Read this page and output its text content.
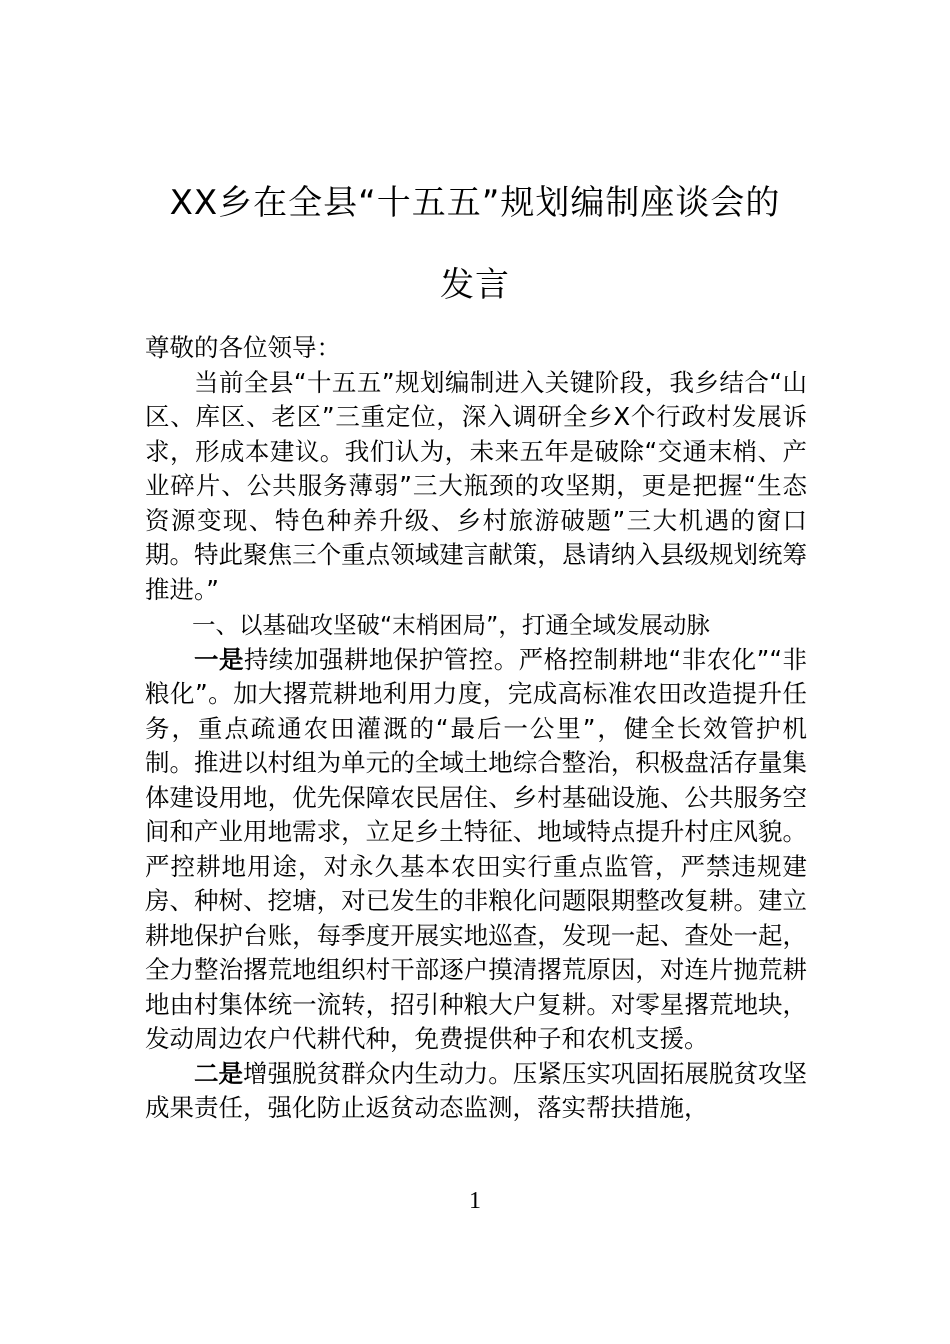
XX乡在全县“十五五”规划编制座谈会的
发言

尊敬的各位领导：

当前全县“十五五”规划编制进入关键阶段，我乡结合“山区、库区、老区”三重定位，深入调研全乡X个行政村发展诉求，形成本建议。我们认为，未来五年是破除“交通末梢、产业碎片、公共服务薄弱”三大瓶颈的攻坚期，更是把握“生态资源变现、特色种养升级、乡村旅游破题”三大机遇的窗口期。特此聚焦三个重点领域建言献策，恳请纳入县级规划统筹推进。”

一、以基础攻坚破“末梢困局”，打通全域发展动脉

一是持续加强耕地保护管控。严格控制耕地“非农化”“非粮化”。加大撂荒耕地利用力度，完成高标准农田改造提升任务，重点疏通农田灌溉的“最后一公里”，健全长效管护机制。推进以村组为单元的全域土地综合整治，积极盘活存量集体建设用地，优先保障农民居住、乡村基础设施、公共服务空间和产业用地需求，立足乡土特征、地域特点提升村庄风貌。严控耕地用途，对永久基本农田实行重点监管，严禁违规建房、种树、挖塘，对已发生的非粮化问题限期整改复耕。建立耕地保护台账，每季度开展实地巡查，发现一起、查处一起，全力整治撂荒地组织村干部逐户摸清撂荒原因，对连片抛荒耕地由村集体统一流转，招引种粮大户复耕。对零星撂荒地块，发动周边农户代耕代种，免费提供种子和农机支援。

二是增强脱贫群众内生动力。压紧压实巩固拓展脱贫攻坚成果责任，强化防止返贫动态监测，落实帮扶措施，

1
